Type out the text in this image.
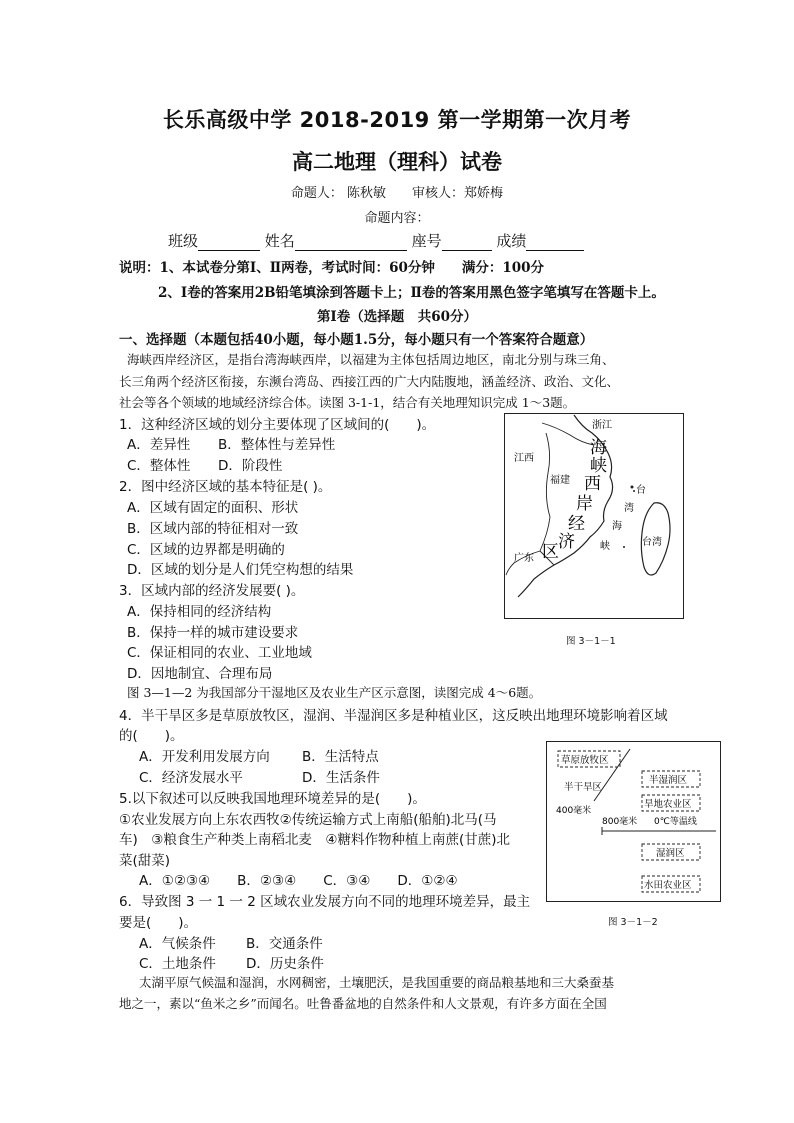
长乐高级中学 2018-2019 第一学期第一次月考
高二地理（理科）试卷
命题人： 陈秋敏　　审核人：郑娇梅
命题内容：
班级	姓名	座号	成绩
说明：1、本试卷分第Ⅰ、Ⅱ两卷，考试时间：60分钟　　满分：100分
2、Ⅰ卷的答案用2B铅笔填涂到答题卡上；Ⅱ卷的答案用黑色签字笔填写在答题卡上。
第Ⅰ卷（选择题　共60分）
一、选择题（本题包括40小题，每小题1.5分，每小题只有一个答案符合题意）
海峡西岸经济区，是指台湾海峡西岸，以福建为主体包括周边地区，南北分别与珠三角、
长三角两个经济区衔接，东濒台湾岛、西接江西的广大内陆腹地，涵盖经济、政治、文化、
社会等各个领域的地域经济综合体。读图 3-1-1，结合有关地理知识完成 1～3题。
1．这种经济区域的划分主要体现了区域间的(　　)。
A．差异性 B．整体性与差异性
C．整体性 D．阶段性
2．图中经济区域的基本特征是( )。
A．区域有固定的面积、形状
B．区域内部的特征相对一致
C．区域的边界都是明确的
D．区域的划分是人们凭空构想的结果
3．区域内部的经济发展要( )。
A．保持相同的经济结构
B．保持一样的城市建设要求
C．保证相同的农业、工业地域
D．因地制宜、合理布局
图 3—1—2 为我国部分干湿地区及农业生产区示意图，读图完成 4～6题。
4．半干旱区多是草原放牧区，湿润、半湿润区多是种植业区，这反映出地理环境影响着区域
的(　　)。
A．开发利用发展方向 B．生活特点
C．经济发展水平	D．生活条件
5.以下叙述可以反映我国地理环境差异的是(　　)。
①农业发展方向上东农西牧②传统运输方式上南船(船舶)北马(马
车)　③粮食生产种类上南稻北麦　④糖料作物种植上南蔗(甘蔗)北
菜(甜菜)
A．①②③④　　B．②③④　　C．③④　　D．①②④
6．导致图 3 一 1 一 2 区域农业发展方向不同的地理环境差异，最主
要是(　　)。
A．气候条件 B．交通条件
C．土地条件 D．历史条件
太湖平原气候温和湿润，水网稠密，土壤肥沃，是我国重要的商品粮基地和三大桑蚕基
地之一，素以“鱼米之乡”而闻名。吐鲁番盆地的自然条件和人文景观，有许多方面在全国
浙江
江西
福建
广东
台湾
台
湾
海
峡
海
峡
西
岸
经
济
区
图 3－1－1
草原放牧区
半干旱区
400毫米
半湿润区
旱地农业区
800毫米 0℃等温线
湿润区
水田农业区
图 3－1－2
